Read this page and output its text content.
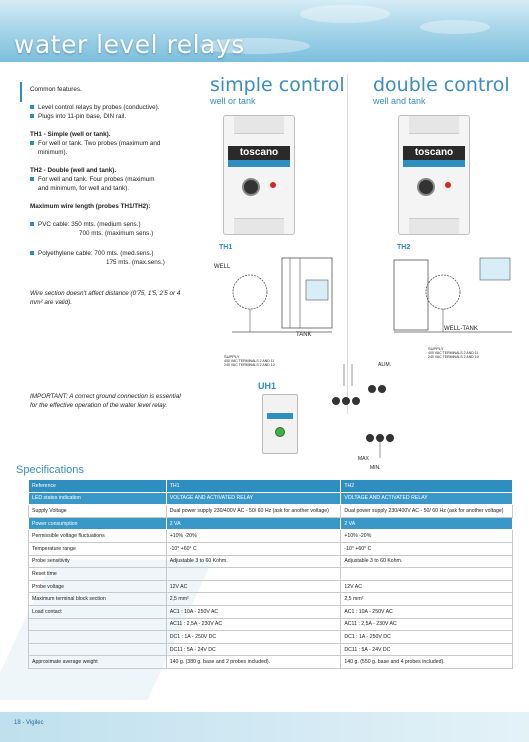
water level relays
Common features.
Level control relays by probes (conductive).
Plugs into 11-pin base, DIN rail.
TH1 - Simple (well or tank).
For well or tank. Two probes (maximum and
minimum).
TH2 - Double (well and tank).
For well and tank. Four probes (maximum
and minimum, for well and tank).
Maximum wire length (probes TH1/TH2):
PVC cable: 350 mts. (medium sens.)
700 mts. (maximum sens.)
Polyethylene cable: 700 mts. (med.sens.)
175 mts. (max.sens.)
Wire section doesn't affect distance (0'75, 1'5, 2'5 or 4
mm² are valid).
IMPORTANT: A correct ground connection is essential
for the effective operation of the water level relay.
simple control
well or tank
double control
well and tank
toscano
TH1
toscano
TH2
WELL
TANK
SUPPLY
400 VAC TERMINALS 2 AND 11
240 VAC TERMINALS 2 AND 10
WELL-TANK
SUPPLY
400 VAC TERMINALS 2 AND 11
240 VAC TERMINALS 2 AND 10
UH1
ALIM.
MAX
MIN.
Specifications
Reference	TH1	TH2
LED states indication	VOLTAGE AND ACTIVATED RELAY	VOLTAGE AND ACTIVATED RELAY
Supply Voltage	Dual power supply 230/400V AC - 50/ 60 Hz (ask for another voltage)	Dual power supply 230/400V AC - 50/ 60 Hz (ask for another voltage)
Power consumption	2 VA	2 VA
Permissible voltage fluctuations	+10% -20%	+10% -20%
Temperature range	-10° +60° C	-10° +60° C
Probe sensitivity	Adjustable 3 to 60 Kohm.	Adjustable 3 to 60 Kohm.
Reset time		
Probe voltage	12V AC	12V AC
Maximum terminal block section	2,5 mm²	2,5 mm²
Load contact	AC1 : 10A - 250V AC	AC1 : 10A - 250V AC
	AC11 : 2,5A - 230V AC	AC11 : 2,5A - 230V AC
	DC1 : 1A - 250V DC	DC1 : 1A - 250V DC
	DC11 : 5A - 24V DC	DC11 : 5A - 24V DC
Approximate average weight	140 g. (380 g. base and 2 probes included).	140 g. (550 g. base and 4 probes included).
18 - Vigilec
